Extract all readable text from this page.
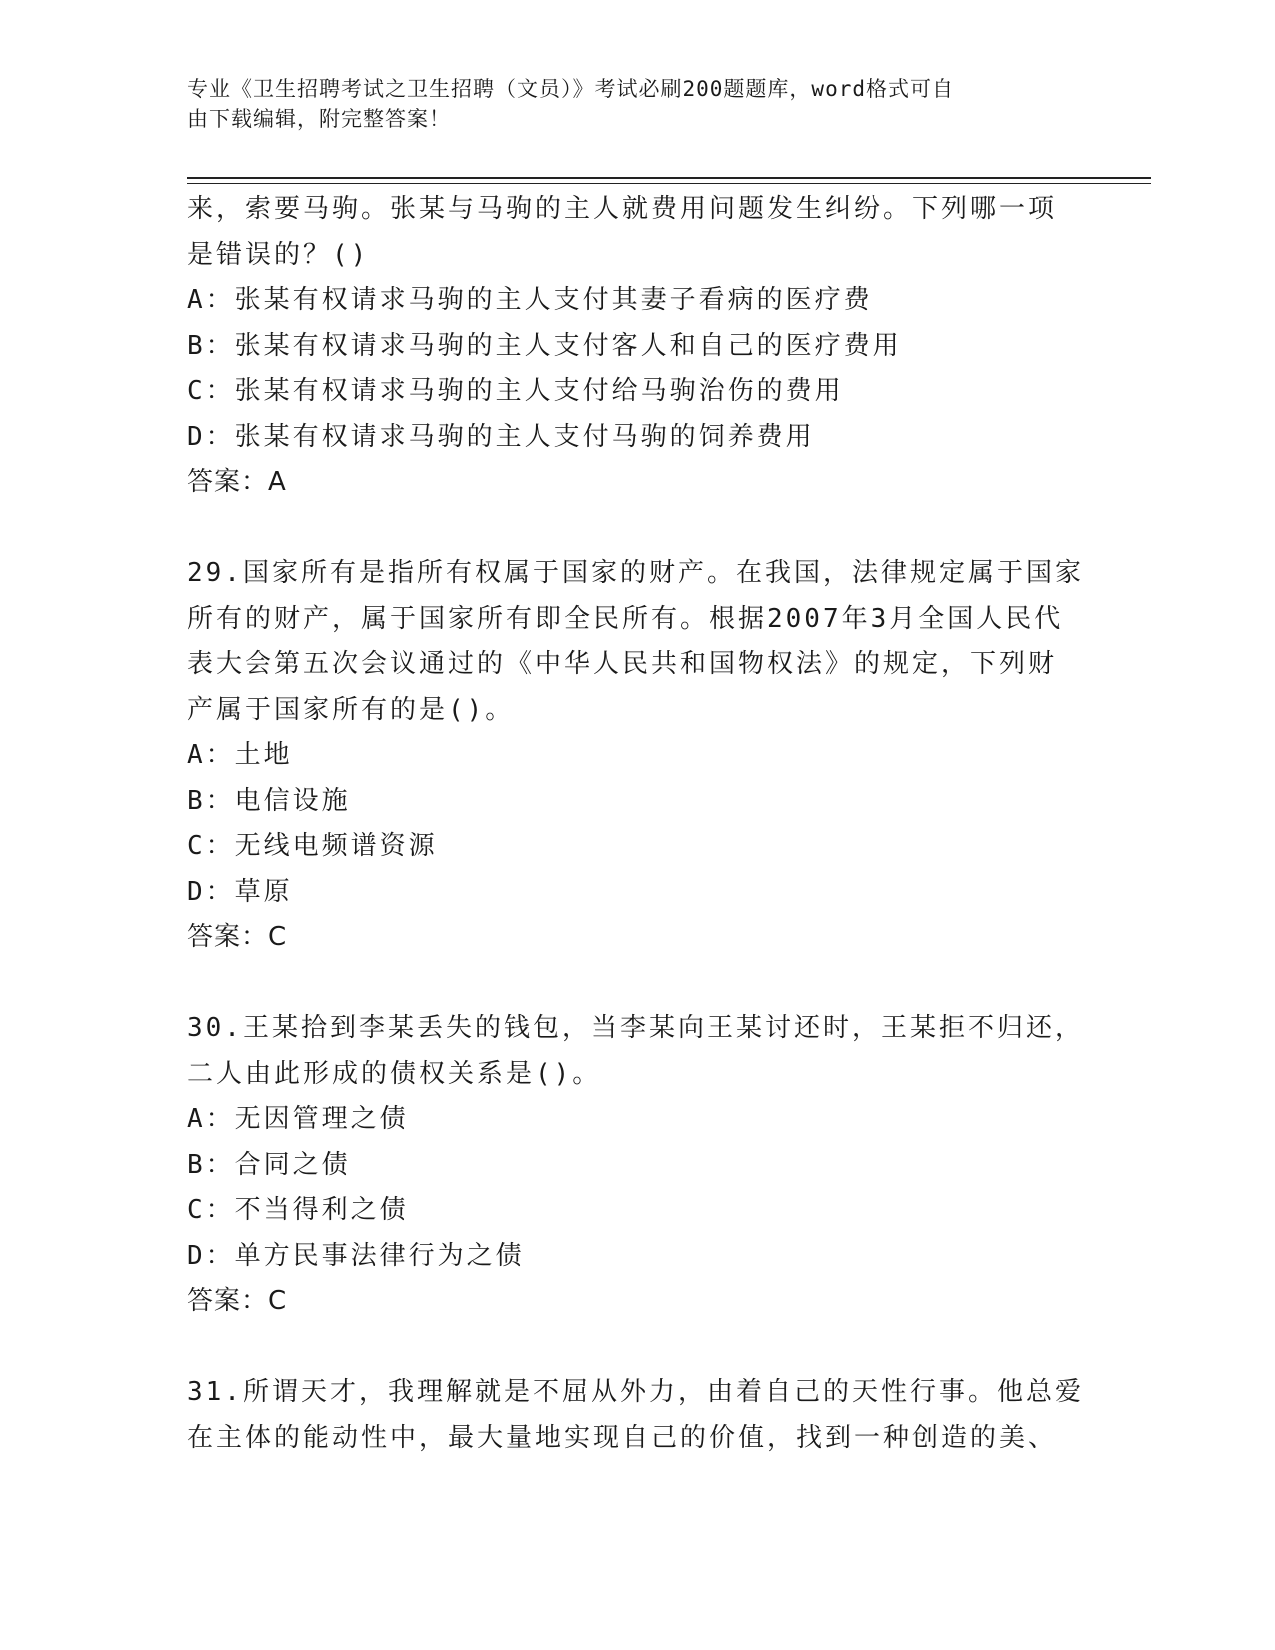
专业《卫生招聘考试之卫生招聘（文员）》考试必刷200题题库，word格式可自
由下载编辑，附完整答案！
来，索要马驹。张某与马驹的主人就费用问题发生纠纷。下列哪一项
是错误的？()
A：张某有权请求马驹的主人支付其妻子看病的医疗费
B：张某有权请求马驹的主人支付客人和自己的医疗费用
C：张某有权请求马驹的主人支付给马驹治伤的费用
D：张某有权请求马驹的主人支付马驹的饲养费用
答案：A
29.国家所有是指所有权属于国家的财产。在我国，法律规定属于国家
所有的财产，属于国家所有即全民所有。根据2007年3月全国人民代
表大会第五次会议通过的《中华人民共和国物权法》的规定，下列财
产属于国家所有的是()。
A：土地
B：电信设施
C：无线电频谱资源
D：草原
答案：C
30.王某拾到李某丢失的钱包，当李某向王某讨还时，王某拒不归还，
二人由此形成的债权关系是()。
A：无因管理之债
B：合同之债
C：不当得利之债
D：单方民事法律行为之债
答案：C
31.所谓天才，我理解就是不屈从外力，由着自己的天性行事。他总爱
在主体的能动性中，最大量地实现自己的价值，找到一种创造的美、
